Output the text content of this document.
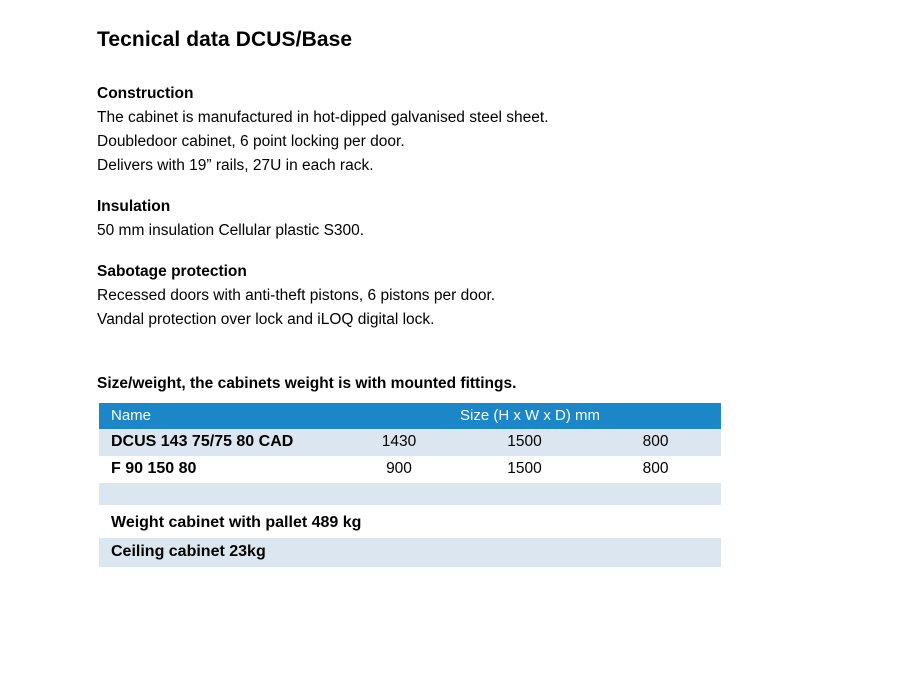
Tecnical data DCUS/Base

Construction

The cabinet is manufactured in hot-dipped galvanised steel sheet.

Doubledoor cabinet, 6 point locking per door.

Delivers with 19” rails, 27U in each rack.

Insulation

50 mm insulation Cellular plastic S300.

Sabotage protection

Recessed doors with anti-theft pistons, 6 pistons per door.

Vandal protection over lock and iLOQ digital lock.

Size/weight, the cabinets weight is with mounted fittings.
Name	Size (H x W x D) mm		
DCUS 143 75/75 80 CAD	1430	1500	800
F 90 150 80	900	1500	800

Weight cabinet with pallet 489 kg
Ceiling cabinet 23kg
